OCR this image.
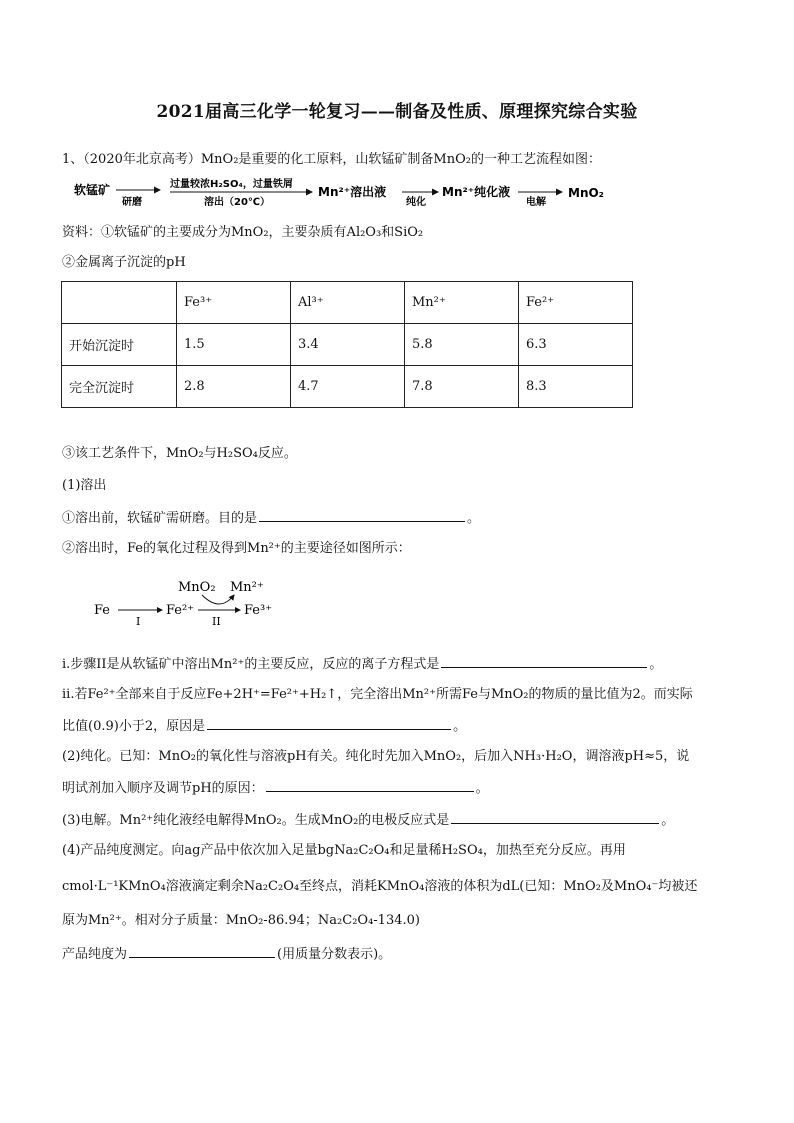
2021届高三化学一轮复习——制备及性质、原理探究综合实验
1、（2020年北京高考）MnO₂是重要的化工原料，山软锰矿制备MnO₂的一种工艺流程如图：
软锰矿
研磨
过量较浓H₂SO₄，过量铁屑
溶出（20℃）
Mn²⁺溶出液
纯化
Mn²⁺纯化液
电解
MnO₂
资料：①软锰矿的主要成分为MnO₂，主要杂质有Al₂O₃和SiO₂
②金属离子沉淀的pH
	Fe³⁺	Al³⁺	Mn²⁺	Fe²⁺
开始沉淀时	1.5	3.4	5.8	6.3
完全沉淀时	2.8	4.7	7.8	8.3
③该工艺条件下，MnO₂与H₂SO₄反应。
(1)溶出
①溶出前，软锰矿需研磨。目的是	。
②溶出时，Fe的氧化过程及得到Mn²⁺的主要途径如图所示：
Fe
I
Fe²⁺
MnO₂ Mn²⁺
II
Fe³⁺
i.步骤II是从软锰矿中溶出Mn²⁺的主要反应，反应的离子方程式是	。
ii.若Fe²⁺全部来自于反应Fe+2H⁺=Fe²⁺+H₂↑，完全溶出Mn²⁺所需Fe与MnO₂的物质的量比值为2。而实际
比值(0.9)小于2，原因是	。
(2)纯化。已知：MnO₂的氧化性与溶液pH有关。纯化时先加入MnO₂，后加入NH₃·H₂O，调溶液pH≈5，说
明试剂加入顺序及调节pH的原因：	。
(3)电解。Mn²⁺纯化液经电解得MnO₂。生成MnO₂的电极反应式是	。
(4)产品纯度测定。向ag产品中依次加入足量bgNa₂C₂O₄和足量稀H₂SO₄，加热至充分反应。再用
cmol·L⁻¹KMnO₄溶液滴定剩余Na₂C₂O₄至终点，消耗KMnO₄溶液的体积为dL(已知：MnO₂及MnO₄⁻均被还
原为Mn²⁺。相对分子质量：MnO₂-86.94；Na₂C₂O₄-134.0)
产品纯度为	(用质量分数表示)。
